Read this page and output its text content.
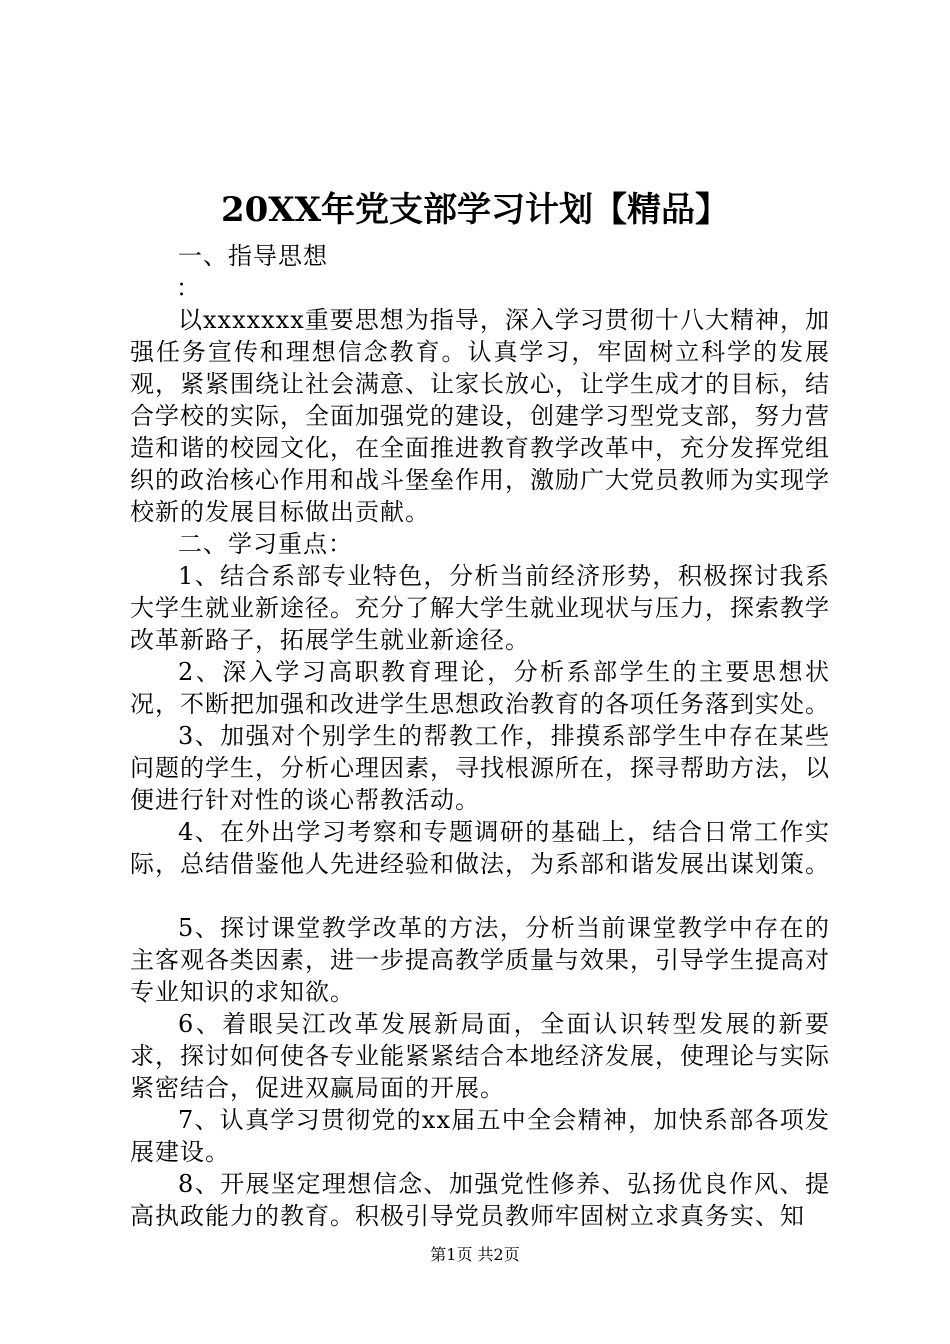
20XX年党支部学习计划【精品】

一、指导思想

：

以xxxxxxx重要思想为指导，深入学习贯彻十八大精神，加强任务宣传和理想信念教育。认真学习，牢固树立科学的发展观，紧紧围绕让社会满意、让家长放心，让学生成才的目标，结合学校的实际，全面加强党的建设，创建学习型党支部，努力营造和谐的校园文化，在全面推进教育教学改革中，充分发挥党组织的政治核心作用和战斗堡垒作用，激励广大党员教师为实现学校新的发展目标做出贡献。

二、学习重点：

1、结合系部专业特色，分析当前经济形势，积极探讨我系大学生就业新途径。充分了解大学生就业现状与压力，探索教学改革新路子，拓展学生就业新途径。

2、深入学习高职教育理论，分析系部学生的主要思想状况，不断把加强和改进学生思想政治教育的各项任务落到实处。

3、加强对个别学生的帮教工作，排摸系部学生中存在某些问题的学生，分析心理因素，寻找根源所在，探寻帮助方法，以便进行针对性的谈心帮教活动。

4、在外出学习考察和专题调研的基础上，结合日常工作实际，总结借鉴他人先进经验和做法，为系部和谐发展出谋划策。

5、探讨课堂教学改革的方法，分析当前课堂教学中存在的主客观各类因素，进一步提高教学质量与效果，引导学生提高对专业知识的求知欲。

6、着眼吴江改革发展新局面，全面认识转型发展的新要求，探讨如何使各专业能紧紧结合本地经济发展，使理论与实际紧密结合，促进双赢局面的开展。

7、认真学习贯彻党的xx届五中全会精神，加快系部各项发展建设。

8、开展坚定理想信念、加强党性修养、弘扬优良作风、提高执政能力的教育。积极引导党员教师牢固树立求真务实、知

第1页 共2页
